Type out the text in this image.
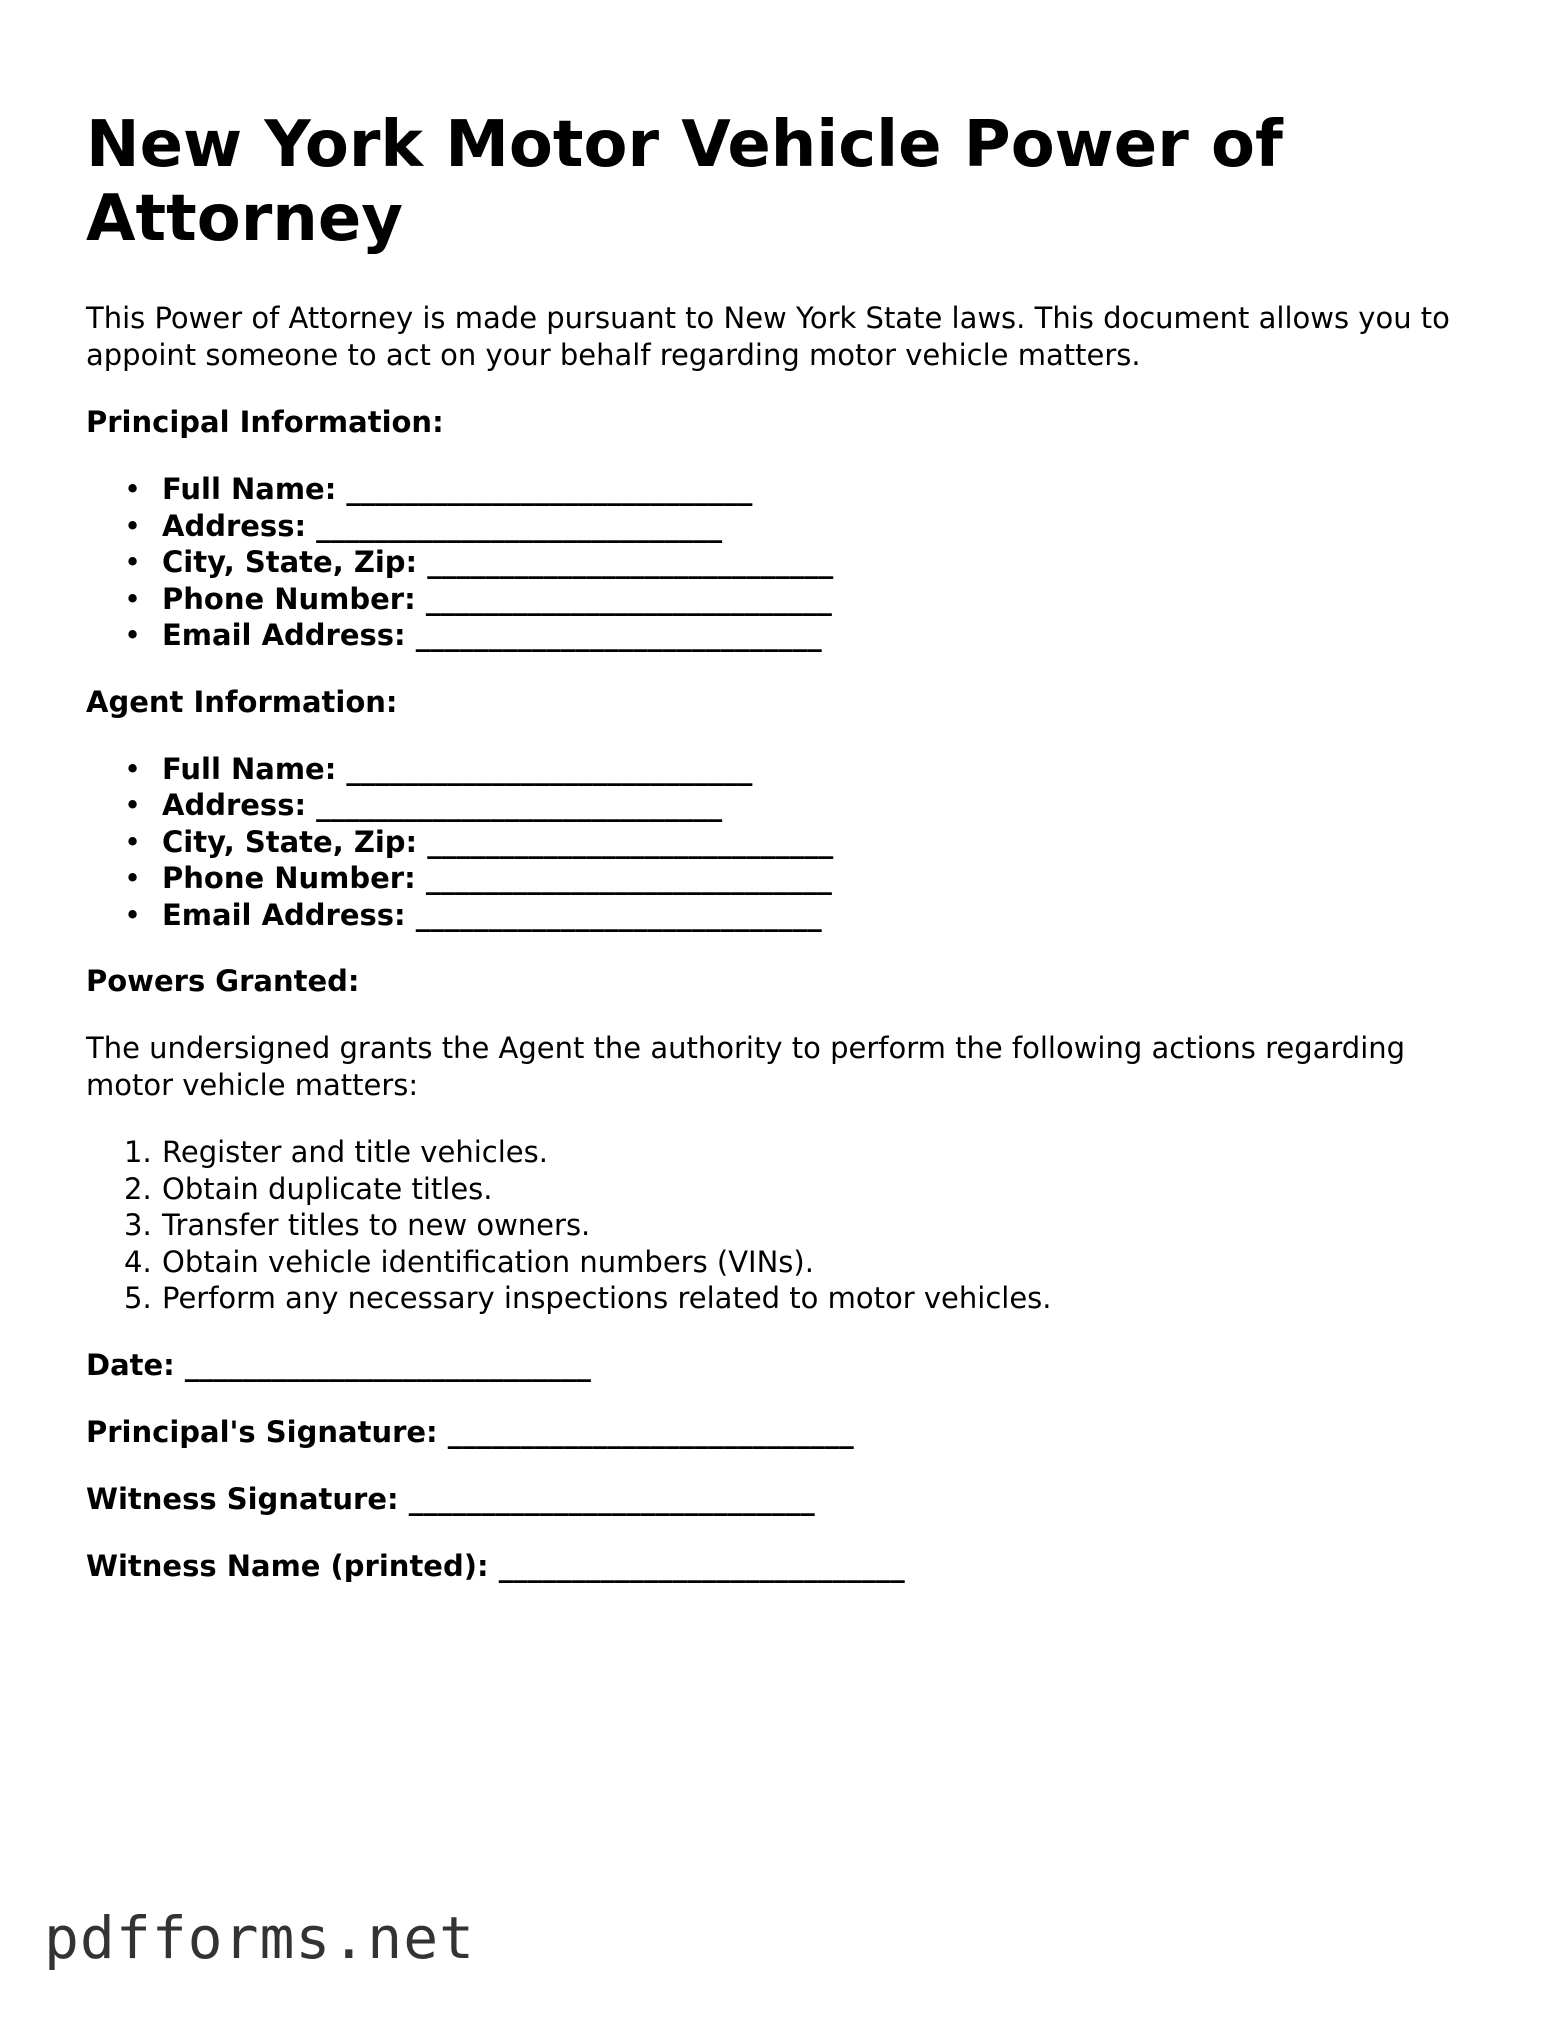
New York Motor Vehicle Power of Attorney

This Power of Attorney is made pursuant to New York State laws. This document allows you to appoint someone to act on your behalf regarding motor vehicle matters.

Principal Information:
• Full Name: ____________________________
• Address: ____________________________
• City, State, Zip: ____________________________
• Phone Number: ____________________________
• Email Address: ____________________________
Agent Information:
• Full Name: ____________________________
• Address: ____________________________
• City, State, Zip: ____________________________
• Phone Number: ____________________________
• Email Address: ____________________________
Powers Granted:

The undersigned grants the Agent the authority to perform the following actions regarding motor vehicle matters:

1. Register and title vehicles.
2. Obtain duplicate titles.
3. Transfer titles to new owners.
4. Obtain vehicle identification numbers (VINs).
5. Perform any necessary inspections related to motor vehicles.
Date: ____________________________
Principal's Signature: ____________________________
Witness Signature: ____________________________
Witness Name (printed): ____________________________
pdfforms.net
